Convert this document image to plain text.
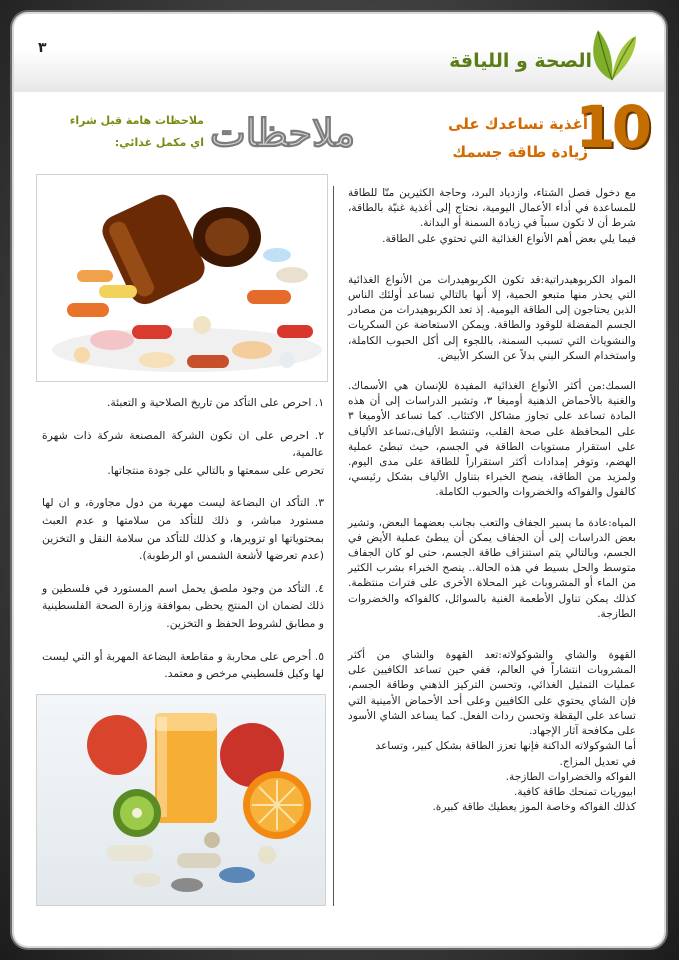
٣
الصحة و اللياقة
10
أغذية تساعدك على
زيادة طاقة جسمك
ملاحظات
ملاحظات هامة قبل شراء
اي مكمل غذائي:

١. احرص على التأكد من تاريخ الصلاحية و التعبئة.

٢. احرص على ان تكون الشركة المصنعة شركة ذات شهرة عالمية،

تحرص على سمعتها و بالتالي على جودة منتجاتها.

٣. التأكد ان البضاعة ليست مهربة من دول مجاورة، و ان لها مستورد مباشر، و ذلك للتأكد من سلامتها و عدم العبث بمحتوياتها او تزويرها، و كذلك للتأكد من سلامة النقل و التخزين (عدم تعرضها لأشعة الشمس او الرطوبة).

٤. التأكد من وجود ملصق يحمل اسم المستورد في فلسطين و ذلك لضمان ان المنتج يحظى بموافقة وزارة الصحة الفلسطينية و مطابق لشروط الحفظ و التخزين.

٥. أحرص على محاربة و مقاطعة البضاعة المهربة أو التي ليست لها وكيل فلسطيني مرخص و معتمد.

مع دخول فصل الشتاء، وازدياد البرد، وحاجة الكثيرين منّا للطاقة للمساعدة في أداء الأعمال اليومية، نحتاج إلى أغذية غنيّة بالطاقة، شرط أن لا تكون سبباً في زيادة السمنة أو البدانة.

فيما يلي بعض أهم الأنواع الغذائية التي تحتوي على الطاقة.

المواد الكربوهيدراتية:قد تكون الكربوهيدرات من الأنواع الغذائية التي يحذر منها متبعو الحمية، إلا أنها بالتالي تساعد أولئك الناس الذين يحتاجون إلى الطاقة اليومية. إذ تعد الكربوهيدرات من مصادر الجسم المفضلة للوقود والطاقة. ويمكن الاستعاضة عن السكريات والنشويات التي تسبب السمنة، باللجوء إلى أكل الحبوب الكاملة، واستخدام السكر البني بدلاً عن السكر الأبيض.

السمك:من أكثر الأنواع الغذائية المفيدة للإنسان هي الأسماك. والغنية بالأحماض الذهنية أوميغا ٣، وتشير الدراسات إلى أن هذه المادة تساعد على تجاوز مشاكل الاكتئاب. كما تساعد الأوميغا ٣ على المحافظة على صحة القلب، وتنشط الألياف،تساعد الألياف على استقرار مستويات الطاقة في الجسم، حيث تبطئ عملية الهضم، وتوفر إمدادات أكثر استقراراً للطاقة على مدى اليوم. ولمزيد من الطاقة، ينصح الخبراء بتناول الألياف بشكل رئيسي، كالفول والفواكه والخضروات والحبوب الكاملة.

المياه:عادة ما يسير الجفاف والتعب بجانب بعضهما البعض، وتشير بعض الدراسات إلى أن الجفاف يمكن أن يبطئ عملية الأيض في الجسم، وبالتالي يتم استنزاف طاقة الجسم، حتى لو كان الجفاف متوسط والحل بسيط في هذه الحالة.. ينصح الخبراء بشرب الكثير من الماء أو المشروبات غير المحلاة الأخرى على فترات منتظمة. كذلك يمكن تناول الأطعمة الغنية بالسوائل، كالفواكه والخضروات الطازجة.

القهوة والشاي والشوكولاته:تعد القهوة والشاي من أكثر المشروبات انتشاراً في العالم، ففي حين تساعد الكافيين على عمليات التمثيل الغذائي، وتحسن التركيز الذهني وطاقة الجسم، فإن الشاي يحتوي على الكافيين وعلى أحد الأحماض الأمينية التي تساعد على اليقظة وتحسن ردات الفعل. كما يساعد الشاي الأسود على مكافحة آثار الإجهاد.

أما الشوكولاته الداكنة فإنها تعزز الطاقة بشكل كبير، وتساعد

في تعديل المزاج.

الفواكه والخضراوات الطازجة.

ابيوريات تمنحك طاقة كافية.

كذلك الفواكه وخاصة الموز يعطيك طاقة كبيرة.
